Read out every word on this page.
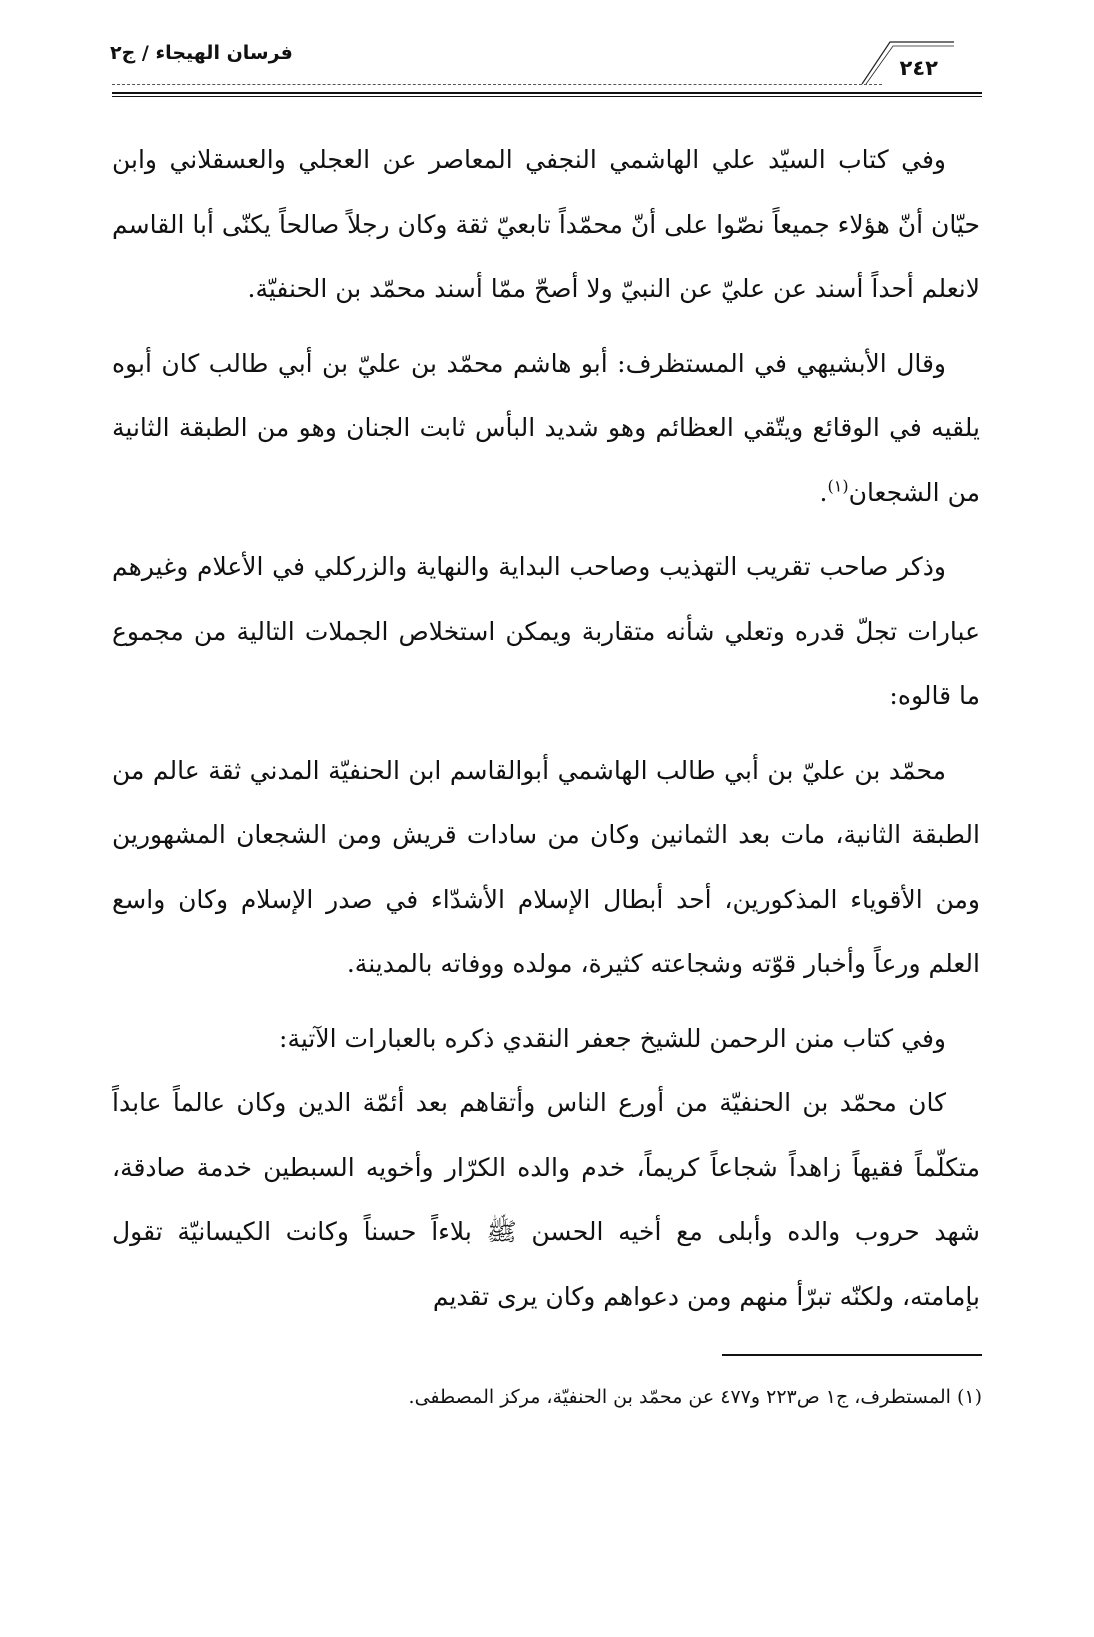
فرسان الهيجاء / ج٢
٢٤٢

وفي كتاب السيّد علي الهاشمي النجفي المعاصر عن العجلي والعسقلاني وابن حيّان أنّ هؤلاء جميعاً نصّوا على أنّ محمّداً تابعيّ ثقة وكان رجلاً صالحاً يكنّى أبا القاسم لانعلم أحداً أسند عن عليّ عن النبيّ ولا أصحّ ممّا أسند محمّد بن الحنفيّة.

وقال الأبشيهي في المستظرف: أبو هاشم محمّد بن عليّ بن أبي طالب كان أبوه يلقيه في الوقائع ويتّقي العظائم وهو شديد البأس ثابت الجنان وهو من الطبقة الثانية من الشجعان$^{(١)}$.

وذكر صاحب تقريب التهذيب وصاحب البداية والنهاية والزركلي في الأعلام وغيرهم عبارات تجلّ قدره وتعلي شأنه متقاربة ويمكن استخلاص الجملات التالية من مجموع ما قالوه:

محمّد بن عليّ بن أبي طالب الهاشمي أبوالقاسم ابن الحنفيّة المدني ثقة عالم من الطبقة الثانية، مات بعد الثمانين وكان من سادات قريش ومن الشجعان المشهورين ومن الأقوياء المذكورين، أحد أبطال الإسلام الأشدّاء في صدر الإسلام وكان واسع العلم ورعاً وأخبار قوّته وشجاعته كثيرة، مولده ووفاته بالمدينة.

وفي كتاب منن الرحمن للشيخ جعفر النقدي ذكره بالعبارات الآتية:

كان محمّد بن الحنفيّة من أورع الناس وأتقاهم بعد أئمّة الدين وكان عالماً عابداً متكلّماً فقيهاً زاهداً شجاعاً كريماً، خدم والده الكرّار وأخويه السبطين خدمة صادقة، شهد حروب والده وأبلى مع أخيه الحسن ﷺ بلاءاً حسناً وكانت الكيسانيّة تقول بإمامته، ولكنّه تبرّأ منهم ومن دعواهم وكان يرى تقديم

(١) المستطرف، ج١ ص٢٢٣ و٤٧٧ عن محمّد بن الحنفيّة، مركز المصطفى.
